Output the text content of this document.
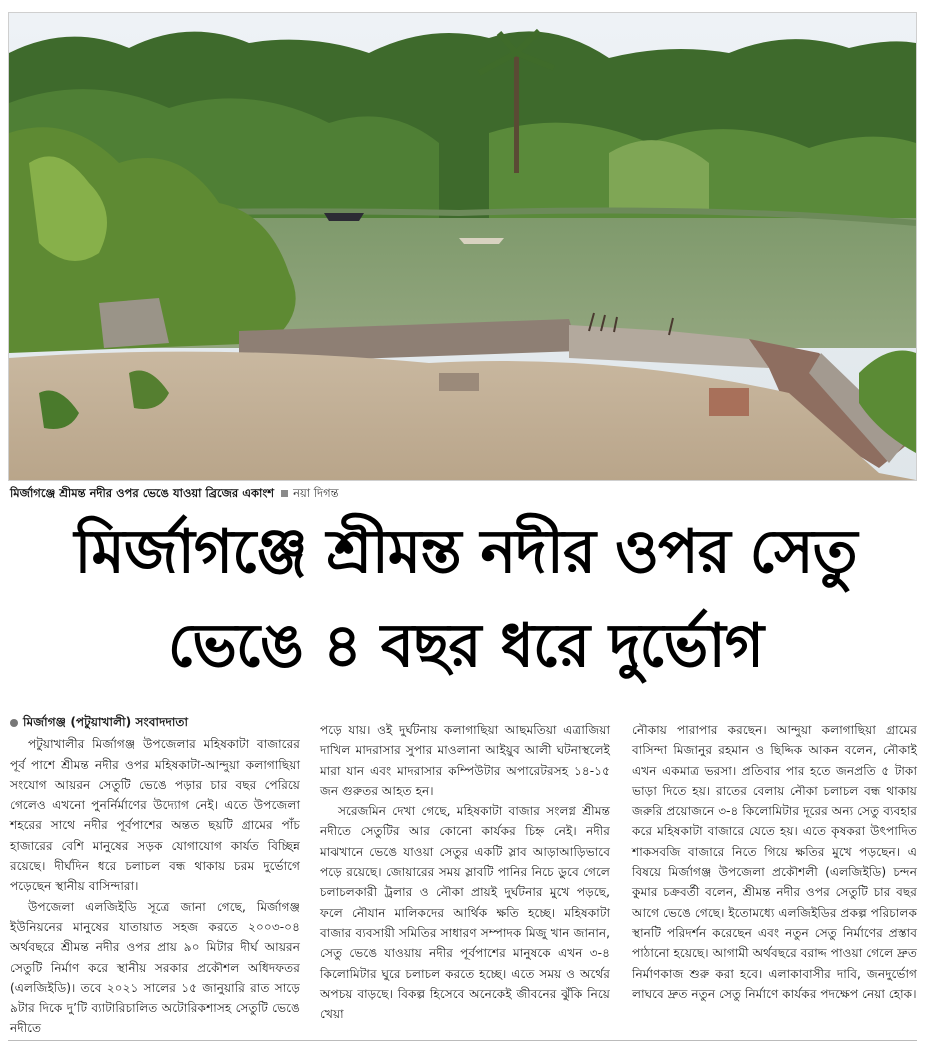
মির্জাগঞ্জে শ্রীমন্ত নদীর ওপর ভেঙে যাওয়া ব্রিজের একাংশ নয়া দিগন্ত
মির্জাগঞ্জে শ্রীমন্ত নদীর ওপর সেতু
ভেঙে ৪ বছর ধরে দুর্ভোগ

মির্জাগঞ্জ (পটুয়াখালী) সংবাদদাতা

পটুয়াখালীর মির্জাগঞ্জ উপজেলার মহিষকাটা বাজারের পূর্ব পাশে শ্রীমন্ত নদীর ওপর মহিষকাটা-আন্দুয়া কলাগাছিয়া সংযোগ আয়রন সেতুটি ভেঙে পড়ার চার বছর পেরিয়ে গেলেও এখনো পুনর্নির্মাণের উদ্যোগ নেই। এতে উপজেলা শহরের সাথে নদীর পূর্বপাশের অন্তত ছয়টি গ্রামের পাঁচ হাজারের বেশি মানুষের সড়ক যোগাযোগ কার্যত বিচ্ছিন্ন রয়েছে। দীর্ঘদিন ধরে চলাচল বন্ধ থাকায় চরম দুর্ভোগে পড়েছেন স্থানীয় বাসিন্দারা।

উপজেলা এলজিইডি সূত্রে জানা গেছে, মির্জাগঞ্জ ইউনিয়নের মানুষের যাতায়াত সহজ করতে ২০০৩-০৪ অর্থবছরে শ্রীমন্ত নদীর ওপর প্রায় ৯০ মিটার দীর্ঘ আয়রন সেতুটি নির্মাণ করে স্থানীয় সরকার প্রকৌশল অধিদফতর (এলজিইডি)। তবে ২০২১ সালের ১৫ জানুয়ারি রাত সাড়ে ৯টার দিকে দু’টি ব্যাটারিচালিত অটোরিকশাসহ সেতুটি ভেঙে নদীতে

পড়ে যায়। ওই দুর্ঘটনায় কলাগাছিয়া আছমতিয়া এত্রাজিয়া দাখিল মাদরাসার সুপার মাওলানা আইয়ুব আলী ঘটনাস্থলেই মারা যান এবং মাদরাসার কম্পিউটার অপারেটরসহ ১৪-১৫ জন গুরুতর আহত হন।

সরেজমিন দেখা গেছে, মহিষকাটা বাজার সংলগ্ন শ্রীমন্ত নদীতে সেতুটির আর কোনো কার্যকর চিহ্ন নেই। নদীর মাঝখানে ভেঙে যাওয়া সেতুর একটি স্লাব আড়াআড়িভাবে পড়ে রয়েছে। জোয়ারের সময় স্লাবটি পানির নিচে ডুবে গেলে চলাচলকারী ট্রলার ও নৌকা প্রায়ই দুর্ঘটনার মুখে পড়ছে, ফলে নৌযান মালিকদের আর্থিক ক্ষতি হচ্ছে। মহিষকাটা বাজার ব্যবসায়ী সমিতির সাধারণ সম্পাদক মিজু খান জানান, সেতু ভেঙে যাওয়ায় নদীর পূর্বপাশের মানুষকে এখন ৩-৪ কিলোমিটার ঘুরে চলাচল করতে হচ্ছে। এতে সময় ও অর্থের অপচয় বাড়ছে। বিকল্প হিসেবে অনেকেই জীবনের ঝুঁকি নিয়ে খেয়া

নৌকায় পারাপার করছেন। আন্দুয়া কলাগাছিয়া গ্রামের বাসিন্দা মিজানুর রহমান ও ছিদ্দিক আকন বলেন, নৌকাই এখন একমাত্র ভরসা। প্রতিবার পার হতে জনপ্রতি ৫ টাকা ভাড়া দিতে হয়। রাতের বেলায় নৌকা চলাচল বন্ধ থাকায় জরুরি প্রয়োজনে ৩-৪ কিলোমিটার দূরের অন্য সেতু ব্যবহার করে মহিষকাটা বাজারে যেতে হয়। এতে কৃষকরা উৎপাদিত শাকসবজি বাজারে নিতে গিয়ে ক্ষতির মুখে পড়ছেন। এ বিষয়ে মির্জাগঞ্জ উপজেলা প্রকৌশলী (এলজিইডি) চন্দন কুমার চক্রবর্তী বলেন, শ্রীমন্ত নদীর ওপর সেতুটি চার বছর আগে ভেঙে গেছে। ইতোমধ্যে এলজিইডির প্রকল্প পরিচালক স্থানটি পরিদর্শন করেছেন এবং নতুন সেতু নির্মাণের প্রস্তাব পাঠানো হয়েছে। আগামী অর্থবছরে বরাদ্দ পাওয়া গেলে দ্রুত নির্মাণকাজ শুরু করা হবে। এলাকাবাসীর দাবি, জনদুর্ভোগ লাঘবে দ্রুত নতুন সেতু নির্মাণে কার্যকর পদক্ষেপ নেয়া হোক।
